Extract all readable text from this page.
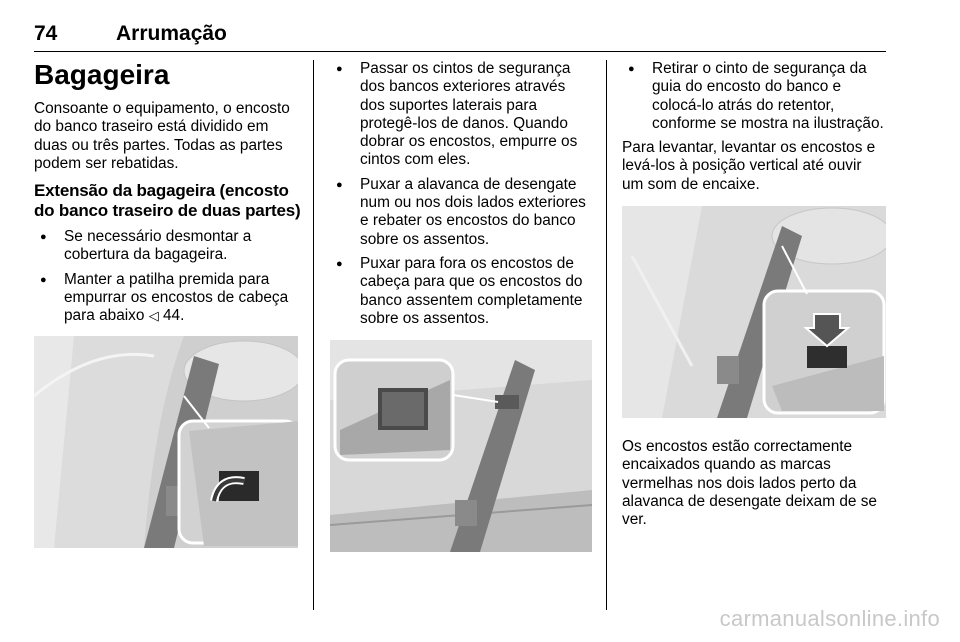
74	Arrumação
Bagageira

Consoante o equipamento, o encosto do banco traseiro está dividido em duas ou três partes. Todas as partes podem ser rebatidas.

Extensão da bagageira (encosto do banco traseiro de duas partes)
● Se necessário desmontar a cobertura da bagageira.
● Manter a patilha premida para empurrar os encostos de cabeça para abaixo ◁ 44.
● Passar os cintos de segurança dos bancos exteriores através dos suportes laterais para protegê-los de danos. Quando dobrar os encostos, empurre os cintos com eles.
● Puxar a alavanca de desengate num ou nos dois lados exteriores e rebater os encostos do banco sobre os assentos.
● Puxar para fora os encostos de cabeça para que os encostos do banco assentem completamente sobre os assentos.
● Retirar o cinto de segurança da guia do encosto do banco e colocá-lo atrás do retentor, conforme se mostra na ilustração.

Para levantar, levantar os encostos e levá-los à posição vertical até ouvir um som de encaixe.

Os encostos estão correctamente encaixados quando as marcas vermelhas nos dois lados perto da alavanca de desengate deixam de se ver.

carmanualsonline.info
